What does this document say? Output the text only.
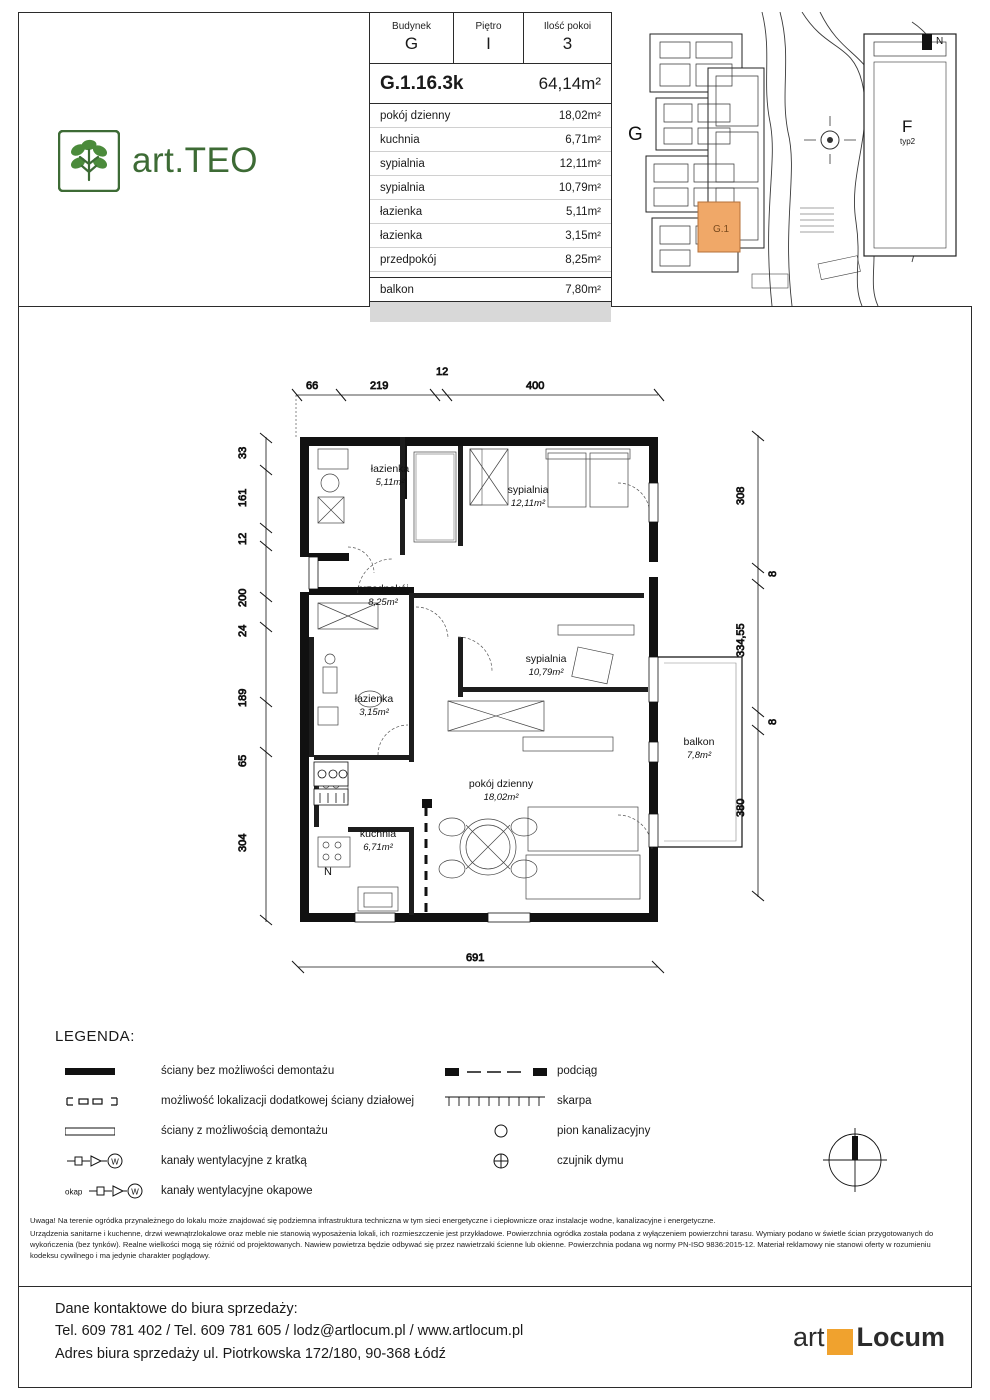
art.TEO
Budynek
G
Piętro
I
Ilość pokoi
3
G.1.16.3k	64,14m²
pokój dzienny	18,02m²
kuchnia	6,71m²
sypialnia	12,11m²
sypialnia	10,79m²
łazienka	5,11m²
łazienka	3,15m²
przedpokój	8,25m²
balkon	7,80m²
G.1
G	F
typ2
N
66	219
12
400
33
161
12
200
24
189
65
304
308
8
334,55
8
380
691
łazienka
5,11m²
sypialnia
12,11m²
przedpokój
8,25m²
sypialnia
10,79m²
łazienka
3,15m²
balkon
7,8m²
pokój dzienny
18,02m²
kuchnia
6,71m²
N
LEGENDA:
ściany bez możliwości demontażu
możliwość lokalizacji dodatkowej ściany działowej
ściany z możliwością demontażu
W	kanały wentylacyjne z kratką
okap	W kanały wentylacyjne okapowe
podciąg
skarpa
pion kanalizacyjny
czujnik dymu

Uwaga! Na terenie ogródka przynależnego do lokalu może znajdować się podziemna infrastruktura techniczna w tym sieci energetyczne i ciepłownicze oraz instalacje wodne, kanalizacyjne i energetyczne.

Urządzenia sanitarne i kuchenne, drzwi wewnątrzlokalowe oraz meble nie stanowią wyposażenia lokali, ich rozmieszczenie jest przykładowe. Powierzchnia ogródka została podana z wyłączeniem powierzchni tarasu. Wymiary podano w świetle ścian przygotowanych do wykończenia (bez tynków). Realne wielkości mogą się różnić od projektowanych. Nawiew powietrza będzie odbywać się przez nawietrzaki ścienne lub okienne. Powierzchnia podana wg normy PN-ISO 9836:2015-12. Materiał reklamowy nie stanowi oferty w rozumieniu kodeksu cywilnego i ma jedynie charakter poglądowy.

Dane kontaktowe do biura sprzedaży:
Tel. 609 781 402 / Tel. 609 781 605 / lodz@artlocum.pl / www.artlocum.pl
Adres biura sprzedaży ul. Piotrkowska 172/180, 90-368 Łódź
art Locum
